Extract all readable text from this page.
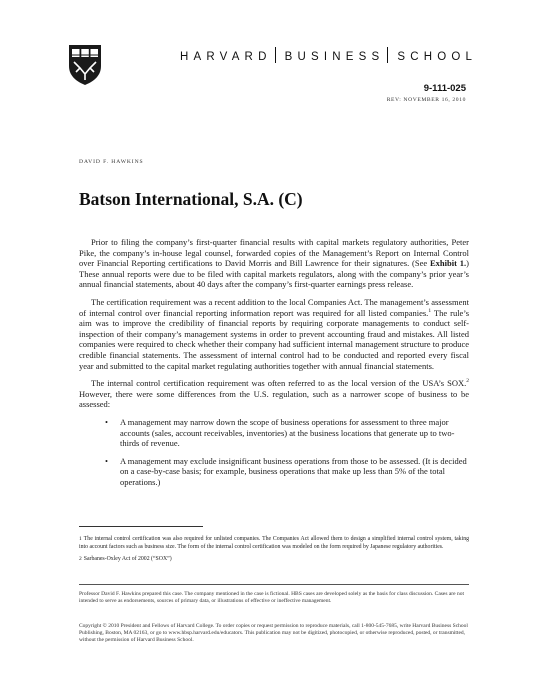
HARVARD BUSINESS SCHOOL
9-111-025
REV: NOVEMBER 16, 2010
DAVID F. HAWKINS
Batson International, S.A. (C)

Prior to filing the company’s first-quarter financial results with capital markets regulatory authorities, Peter Pike, the company’s in-house legal counsel, forwarded copies of the Management’s Report on Internal Control over Financial Reporting certifications to David Morris and Bill Lawrence for their signatures. (See Exhibit 1.) These annual reports were due to be filed with capital markets regulators, along with the company’s prior year’s annual financial statements, about 40 days after the company’s first-quarter earnings press release.

The certification requirement was a recent addition to the local Companies Act. The management’s assessment of internal control over financial reporting information report was required for all listed companies.$^1$ The rule’s aim was to improve the credibility of financial reports by requiring corporate managements to conduct self-inspection of their company’s management systems in order to prevent accounting fraud and mistakes. All listed companies were required to check whether their company had sufficient internal management structure to produce credible financial statements. The assessment of internal control had to be conducted and reported every fiscal year and submitted to the capital market regulating authorities together with annual financial statements.

The internal control certification requirement was often referred to as the local version of the USA’s SOX.$^2$ However, there were some differences from the U.S. regulation, such as a narrower scope of business to be assessed:

• A management may narrow down the scope of business operations for assessment to three major accounts (sales, account receivables, inventories) at the business locations that generate up to two-thirds of revenue.
• A management may exclude insignificant business operations from those to be assessed. (It is decided on a case-by-case basis; for example, business operations that make up less than 5% of the total operations.)

$^1$ The internal control certification was also required for unlisted companies. The Companies Act allowed them to design a simplified internal control system, taking into account factors such as business size. The form of the internal control certification was modeled on the form required by Japanese regulatory authorities.

$^2$ Sarbanes-Oxley Act of 2002 (“SOX”)

Professor David F. Hawkins prepared this case. The company mentioned in the case is fictional. HBS cases are developed solely as the basis for class discussion. Cases are not intended to serve as endorsements, sources of primary data, or illustrations of effective or ineffective management.
Copyright © 2010 President and Fellows of Harvard College. To order copies or request permission to reproduce materials, call 1-800-545-7685, write Harvard Business School Publishing, Boston, MA 02163, or go to www.hbsp.harvard.edu/educators. This publication may not be digitized, photocopied, or otherwise reproduced, posted, or transmitted, without the permission of Harvard Business School.
